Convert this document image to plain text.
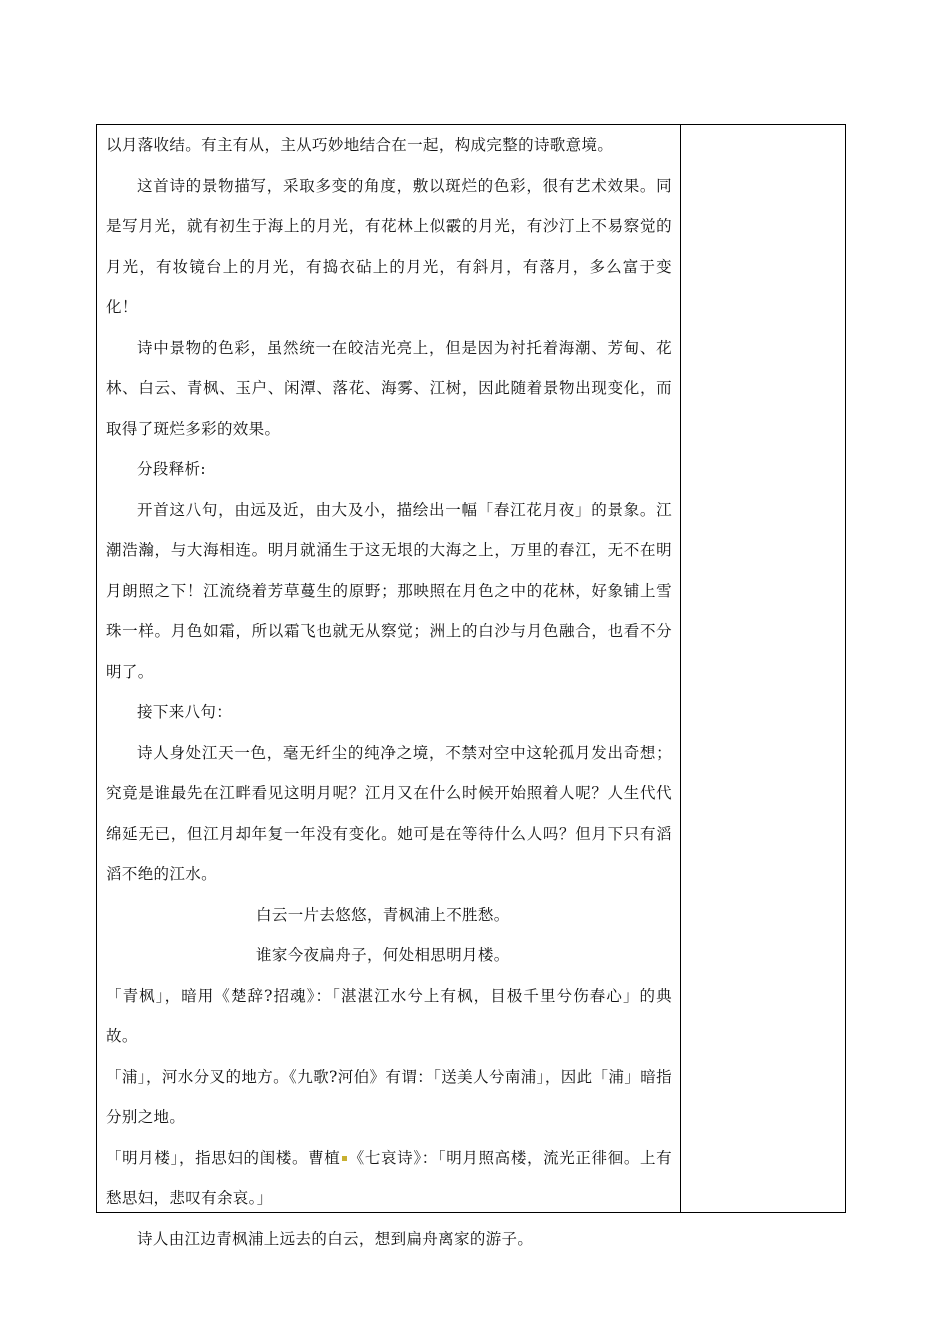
以月落收结。有主有从，主从巧妙地结合在一起，构成完整的诗歌意境。

这首诗的景物描写，采取多变的角度，敷以斑烂的色彩，很有艺术效果。同是写月光，就有初生于海上的月光，有花林上似霰的月光，有沙汀上不易察觉的月光，有妆镜台上的月光，有捣衣砧上的月光，有斜月，有落月，多么富于变化！

诗中景物的色彩，虽然统一在皎洁光亮上，但是因为衬托着海潮、芳甸、花林、白云、青枫、玉户、闲潭、落花、海雾、江树，因此随着景物出现变化，而取得了斑烂多彩的效果。

分段释析:

开首这八句，由远及近，由大及小，描绘出一幅「春江花月夜」的景象。江潮浩瀚，与大海相连。明月就涌生于这无垠的大海之上，万里的春江，无不在明月朗照之下！江流绕着芳草蔓生的原野；那映照在月色之中的花林，好象铺上雪珠一样。月色如霜，所以霜飞也就无从察觉；洲上的白沙与月色融合，也看不分明了。

接下来八句：

诗人身处江天一色，毫无纤尘的纯净之境，不禁对空中这轮孤月发出奇想；究竟是谁最先在江畔看见这明月呢？江月又在什么时候开始照着人呢？人生代代绵延无已，但江月却年复一年没有变化。她可是在等待什么人吗？但月下只有滔滔不绝的江水。

白云一片去悠悠，青枫浦上不胜愁。

谁家今夜扁舟子，何处相思明月楼。

「青枫」，暗用《楚辞?招魂》：「湛湛江水兮上有枫，目极千里兮伤春心」的典故。

「浦」，河水分叉的地方。《九歌?河伯》有谓：「送美人兮南浦」，因此「浦」暗指分别之地。

「明月楼」，指思妇的闺楼。曹植 《七哀诗》：「明月照高楼，流光正徘徊。上有愁思妇，悲叹有余哀。」

诗人由江边青枫浦上远去的白云，想到扁舟离家的游子。
